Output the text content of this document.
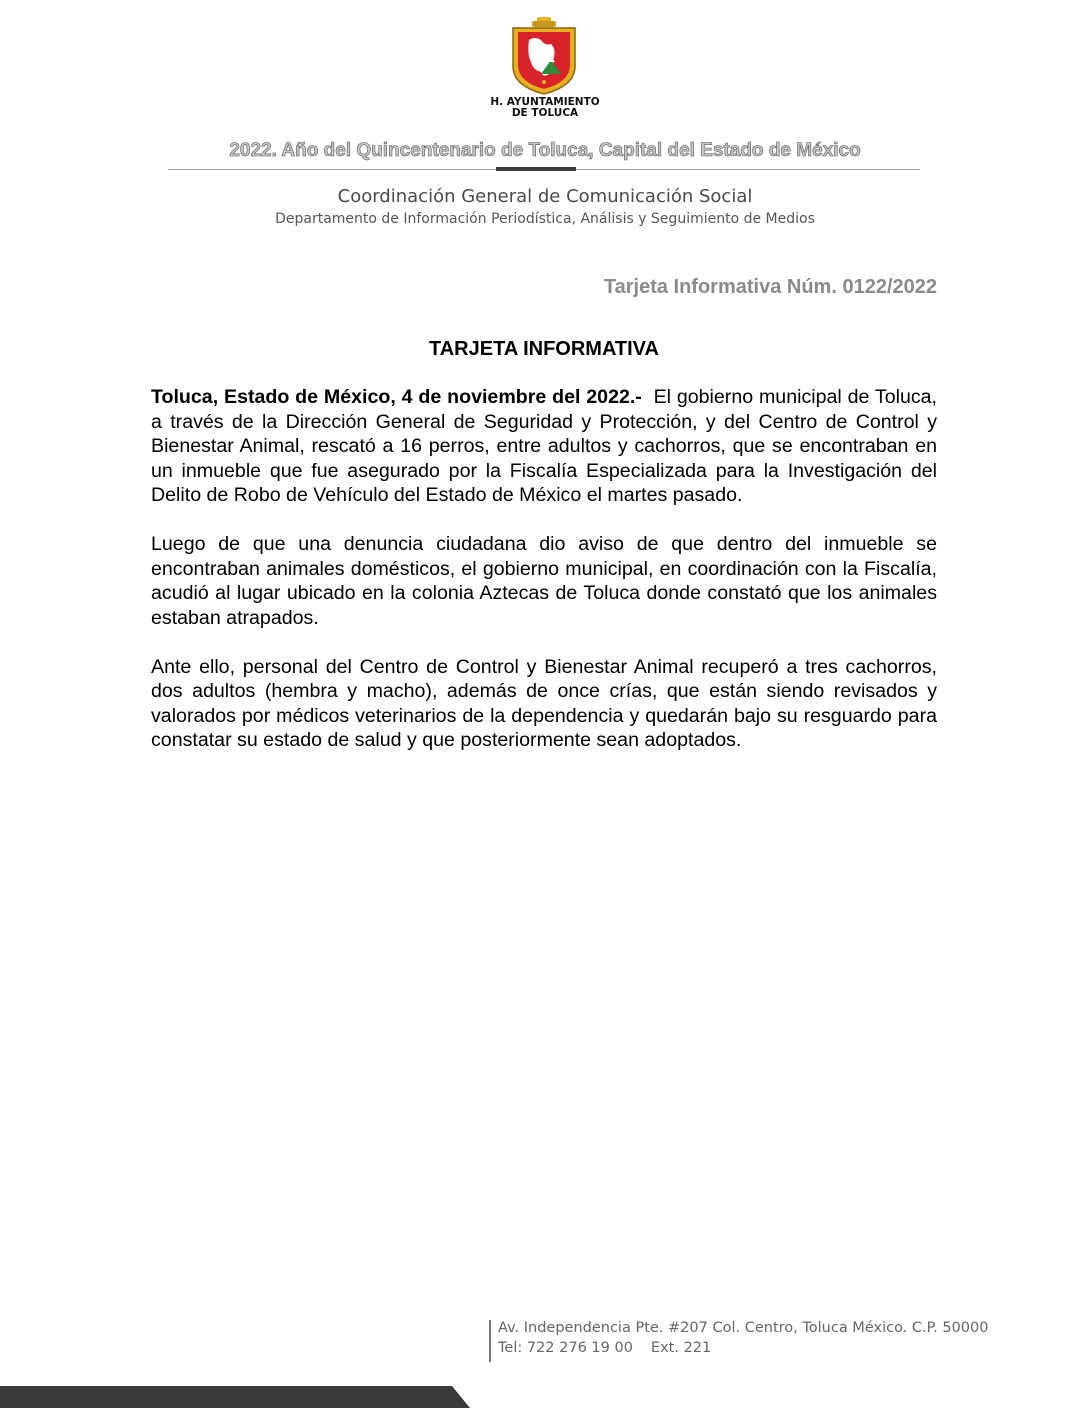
H. AYUNTAMIENTO
DE TOLUCA
2022. Año del Quincentenario de Toluca, Capital del Estado de México
Coordinación General de Comunicación Social
Departamento de Información Periodística, Análisis y Seguimiento de Medios
Tarjeta Informativa Núm. 0122/2022
TARJETA INFORMATIVA

Toluca, Estado de México, 4 de noviembre del 2022.- El gobierno municipal de Toluca, a través de la Dirección General de Seguridad y Protección, y del Centro de Control y Bienestar Animal, rescató a 16 perros, entre adultos y cachorros, que se encontraban en un inmueble que fue asegurado por la Fiscalía Especializada para la Investigación del Delito de Robo de Vehículo del Estado de México el martes pasado.

Luego de que una denuncia ciudadana dio aviso de que dentro del inmueble se encontraban animales domésticos, el gobierno municipal, en coordinación con la Fiscalía, acudió al lugar ubicado en la colonia Aztecas de Toluca donde constató que los animales estaban atrapados.

Ante ello, personal del Centro de Control y Bienestar Animal recuperó a tres cachorros, dos adultos (hembra y macho), además de once crías, que están siendo revisados y valorados por médicos veterinarios de la dependencia y quedarán bajo su resguardo para constatar su estado de salud y que posteriormente sean adoptados.

Av. Independencia Pte. #207 Col. Centro, Toluca México. C.P. 50000
Tel: 722 276 19 00 Ext. 221
